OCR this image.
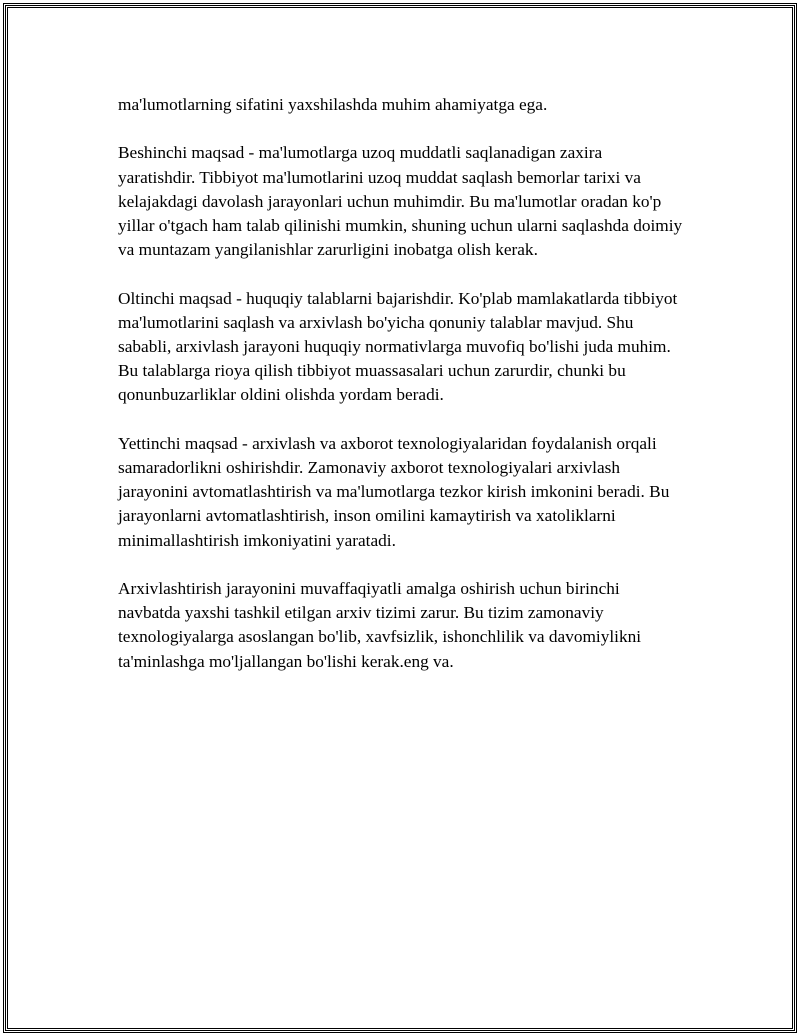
ma'lumotlarning sifatini yaxshilashda muhim ahamiyatga ega.

Beshinchi maqsad - ma'lumotlarga uzoq muddatli saqlanadigan zaxira yaratishdir. Tibbiyot ma'lumotlarini uzoq muddat saqlash bemorlar tarixi va kelajakdagi davolash jarayonlari uchun muhimdir. Bu ma'lumotlar oradan ko'p yillar o'tgach ham talab qilinishi mumkin, shuning uchun ularni saqlashda doimiy va muntazam yangilanishlar zarurligini inobatga olish kerak.

Oltinchi maqsad - huquqiy talablarni bajarishdir. Ko'plab mamlakatlarda tibbiyot ma'lumotlarini saqlash va arxivlash bo'yicha qonuniy talablar mavjud. Shu sababli, arxivlash jarayoni huquqiy normativlarga muvofiq bo'lishi juda muhim. Bu talablarga rioya qilish tibbiyot muassasalari uchun zarurdir, chunki bu qonunbuzarliklar oldini olishda yordam beradi.

Yettinchi maqsad - arxivlash va axborot texnologiyalaridan foydalanish orqali samaradorlikni oshirishdir. Zamonaviy axborot texnologiyalari arxivlash jarayonini avtomatlashtirish va ma'lumotlarga tezkor kirish imkonini beradi. Bu jarayonlarni avtomatlashtirish, inson omilini kamaytirish va xatoliklarni minimallashtirish imkoniyatini yaratadi.

Arxivlashtirish jarayonini muvaffaqiyatli amalga oshirish uchun birinchi navbatda yaxshi tashkil etilgan arxiv tizimi zarur. Bu tizim zamonaviy texnologiyalarga asoslangan bo'lib, xavfsizlik, ishonchlilik va davomiylikni ta'minlashga mo'ljallangan bo'lishi kerak.eng va.
